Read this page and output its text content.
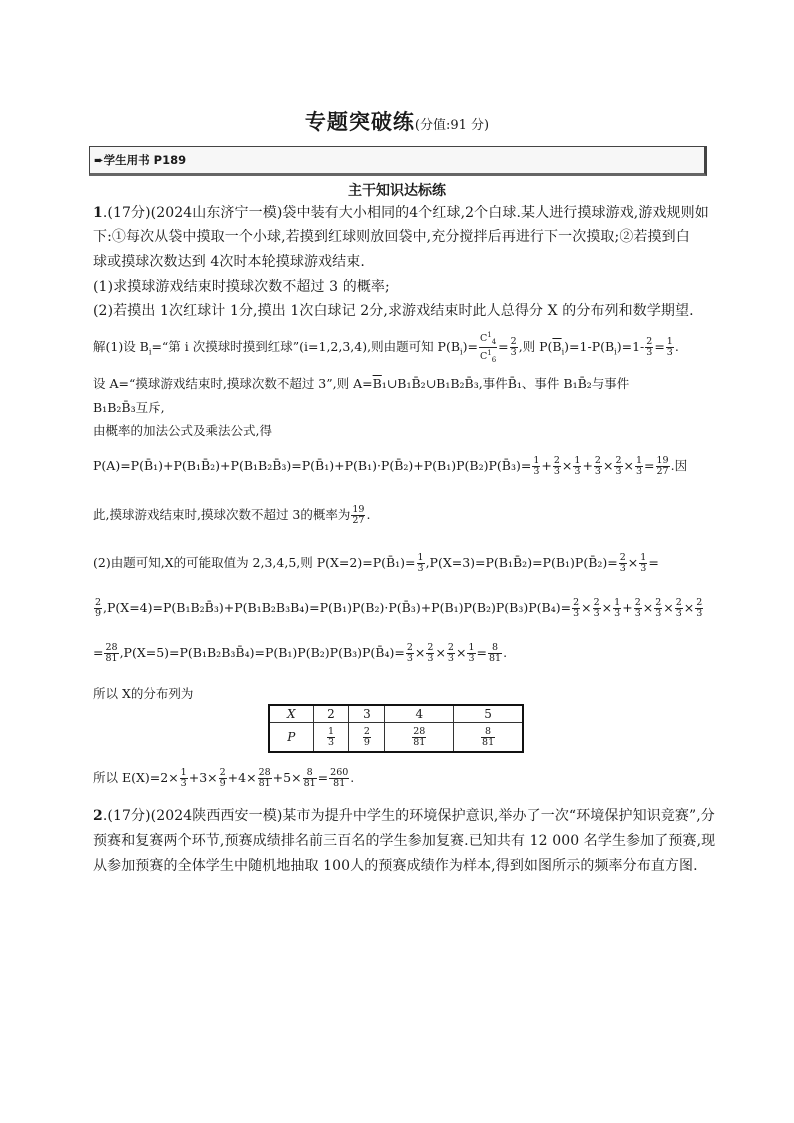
专题突破练(分值:91 分)
➨学生用书 P189
主干知识达标练
1.(17分)(2024山东济宁一模)袋中装有大小相同的4个红球,2个白球.某人进行摸球游戏,游戏规则如
下:①每次从袋中摸取一个小球,若摸到红球则放回袋中,充分搅拌后再进行下一次摸取;②若摸到白
球或摸球次数达到 4次时本轮摸球游戏结束.
(1)求摸球游戏结束时摸球次数不超过 3 的概率;
(2)若摸出 1次红球计 1分,摸出 1次白球记 2分,求游戏结束时此人总得分 X 的分布列和数学期望.
解(1)设 $B_i=“$第 i 次摸球时摸到红球”(i=1,2,3,4),则由题可知 $P(B_i)= \frac{C^1_4}{C^1_6} = \frac{2}{3}$ ,则 $P(\overline{B}_i)=1-P(B_i)=1- \frac{2}{3} = \frac{1}{3}$ .
设 A=“摸球游戏结束时,摸球次数不超过 3”,则 $A=\overline{B}_1\cup B_1B̄_2\cup B_1B_2B̄_3$,事件B̄₁、事件 B₁B̄₂与事件
B₁B₂B̄₃互斥,
由概率的加法公式及乘法公式,得
P(A)=P(B̄₁)+P(B₁B̄₂)+P(B₁B₂B̄₃)=P(B̄₁)+P(B₁)·P(B̄₂)+P(B₁)P(B₂)P(B̄₃)= $\frac{1}{3} + \frac{2}{3} \times \frac{1}{3} + \frac{2}{3} \times \frac{2}{3} \times \frac{1}{3} = \frac{19}{27}$ .因
此,摸球游戏结束时,摸球次数不超过 3的概率为 $\frac{19}{27}$ .
(2)由题可知,X的可能取值为 2,3,4,5,则 P(X=2)=P(B̄₁)= $\frac{1}{3}$ ,P(X=3)=P(B₁B̄₂)=P(B₁)P(B̄₂)= $\frac{2}{3} \times \frac{1}{3}$ =
$\frac{2}{9}$ ,P(X=4)=P(B₁B₂B̄₃)+P(B₁B₂B₃B₄)=P(B₁)P(B₂)·P(B̄₃)+P(B₁)P(B₂)P(B₃)P(B₄)= $\frac{2}{3} \times \frac{2}{3} \times \frac{1}{3} + \frac{2}{3} \times \frac{2}{3} \times \frac{2}{3} \times \frac{2}{3}$
= $\frac{28}{81}$ ,P(X=5)=P(B₁B₂B₃B̄₄)=P(B₁)P(B₂)P(B₃)P(B̄₄)= $\frac{2}{3} \times \frac{2}{3} \times \frac{2}{3} \times \frac{1}{3} = \frac{8}{81}$ .
所以 X的分布列为
X	2	3	4	5
P	$\frac{1}{3}$	$\frac{2}{9}$	$\frac{28}{81}$	$\frac{8}{81}$
所以 $E(X)=2\times \frac{1}{3} +3\times \frac{2}{9} +4\times \frac{28}{81} +5\times \frac{8}{81} = \frac{260}{81}$ .
2.(17分)(2024陕西西安一模)某市为提升中学生的环境保护意识,举办了一次“环境保护知识竞赛”,分
预赛和复赛两个环节,预赛成绩排名前三百名的学生参加复赛.已知共有 12 000 名学生参加了预赛,现
从参加预赛的全体学生中随机地抽取 100人的预赛成绩作为样本,得到如图所示的频率分布直方图.
